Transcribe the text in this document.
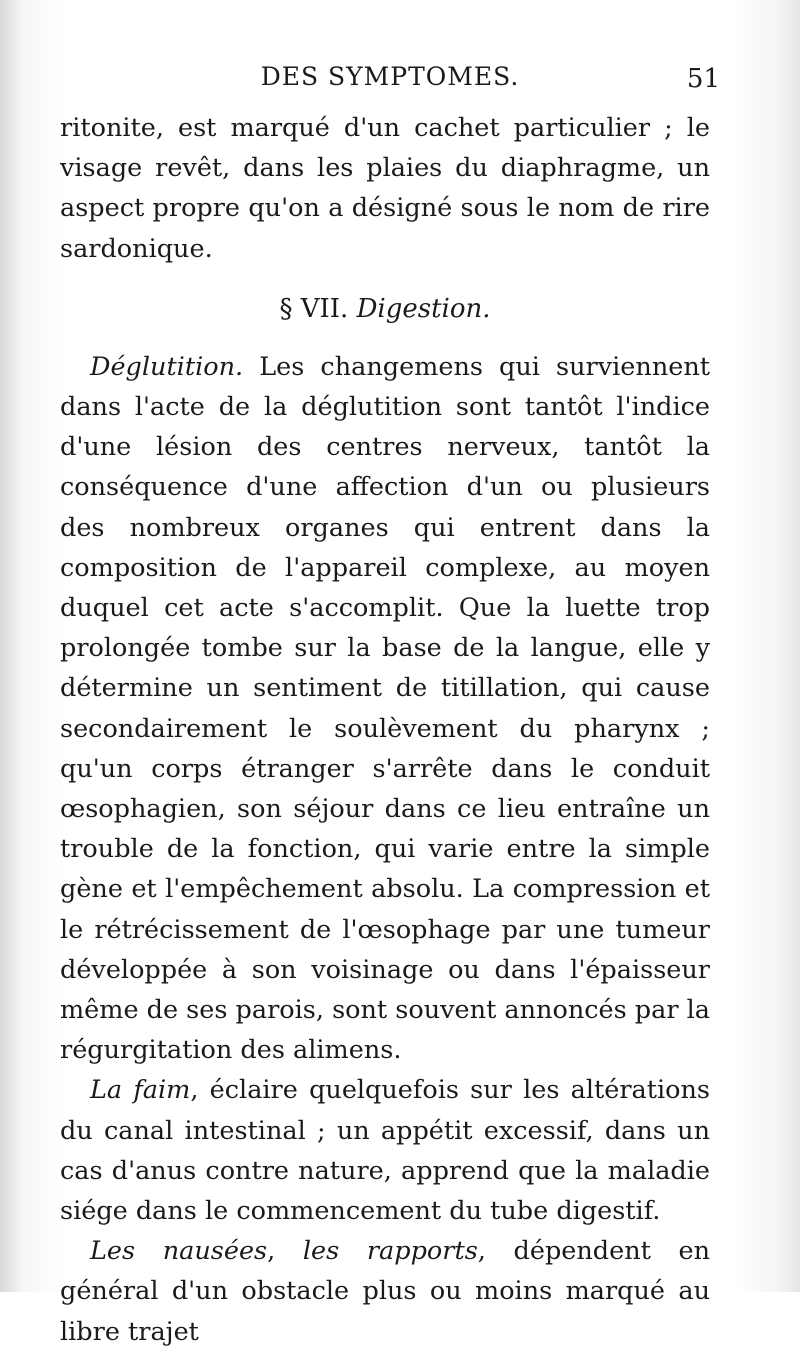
DES SYMPTOMES.	51

ritonite, est marqué d'un cachet particulier ; le visage revêt, dans les plaies du diaphragme, un aspect propre qu'on a désigné sous le nom de rire sardonique.

§ VII. Digestion.

Déglutition. Les changemens qui surviennent dans l'acte de la déglutition sont tantôt l'indice d'une lésion des centres nerveux, tantôt la conséquence d'une affection d'un ou plusieurs des nombreux organes qui entrent dans la composition de l'appareil complexe, au moyen duquel cet acte s'accomplit. Que la luette trop prolongée tombe sur la base de la langue, elle y détermine un sentiment de titillation, qui cause secondairement le soulèvement du pharynx ; qu'un corps étranger s'arrête dans le conduit œsophagien, son séjour dans ce lieu entraîne un trouble de la fonction, qui varie entre la simple gène et l'empêchement absolu. La compression et le rétrécissement de l'œsophage par une tumeur développée à son voisinage ou dans l'épaisseur même de ses parois, sont souvent annoncés par la régurgitation des alimens.

La faim, éclaire quelquefois sur les altérations du canal intestinal ; un appétit excessif, dans un cas d'anus contre nature, apprend que la maladie siége dans le commencement du tube digestif.

Les nausées, les rapports, dépendent en général d'un obstacle plus ou moins marqué au libre trajet
